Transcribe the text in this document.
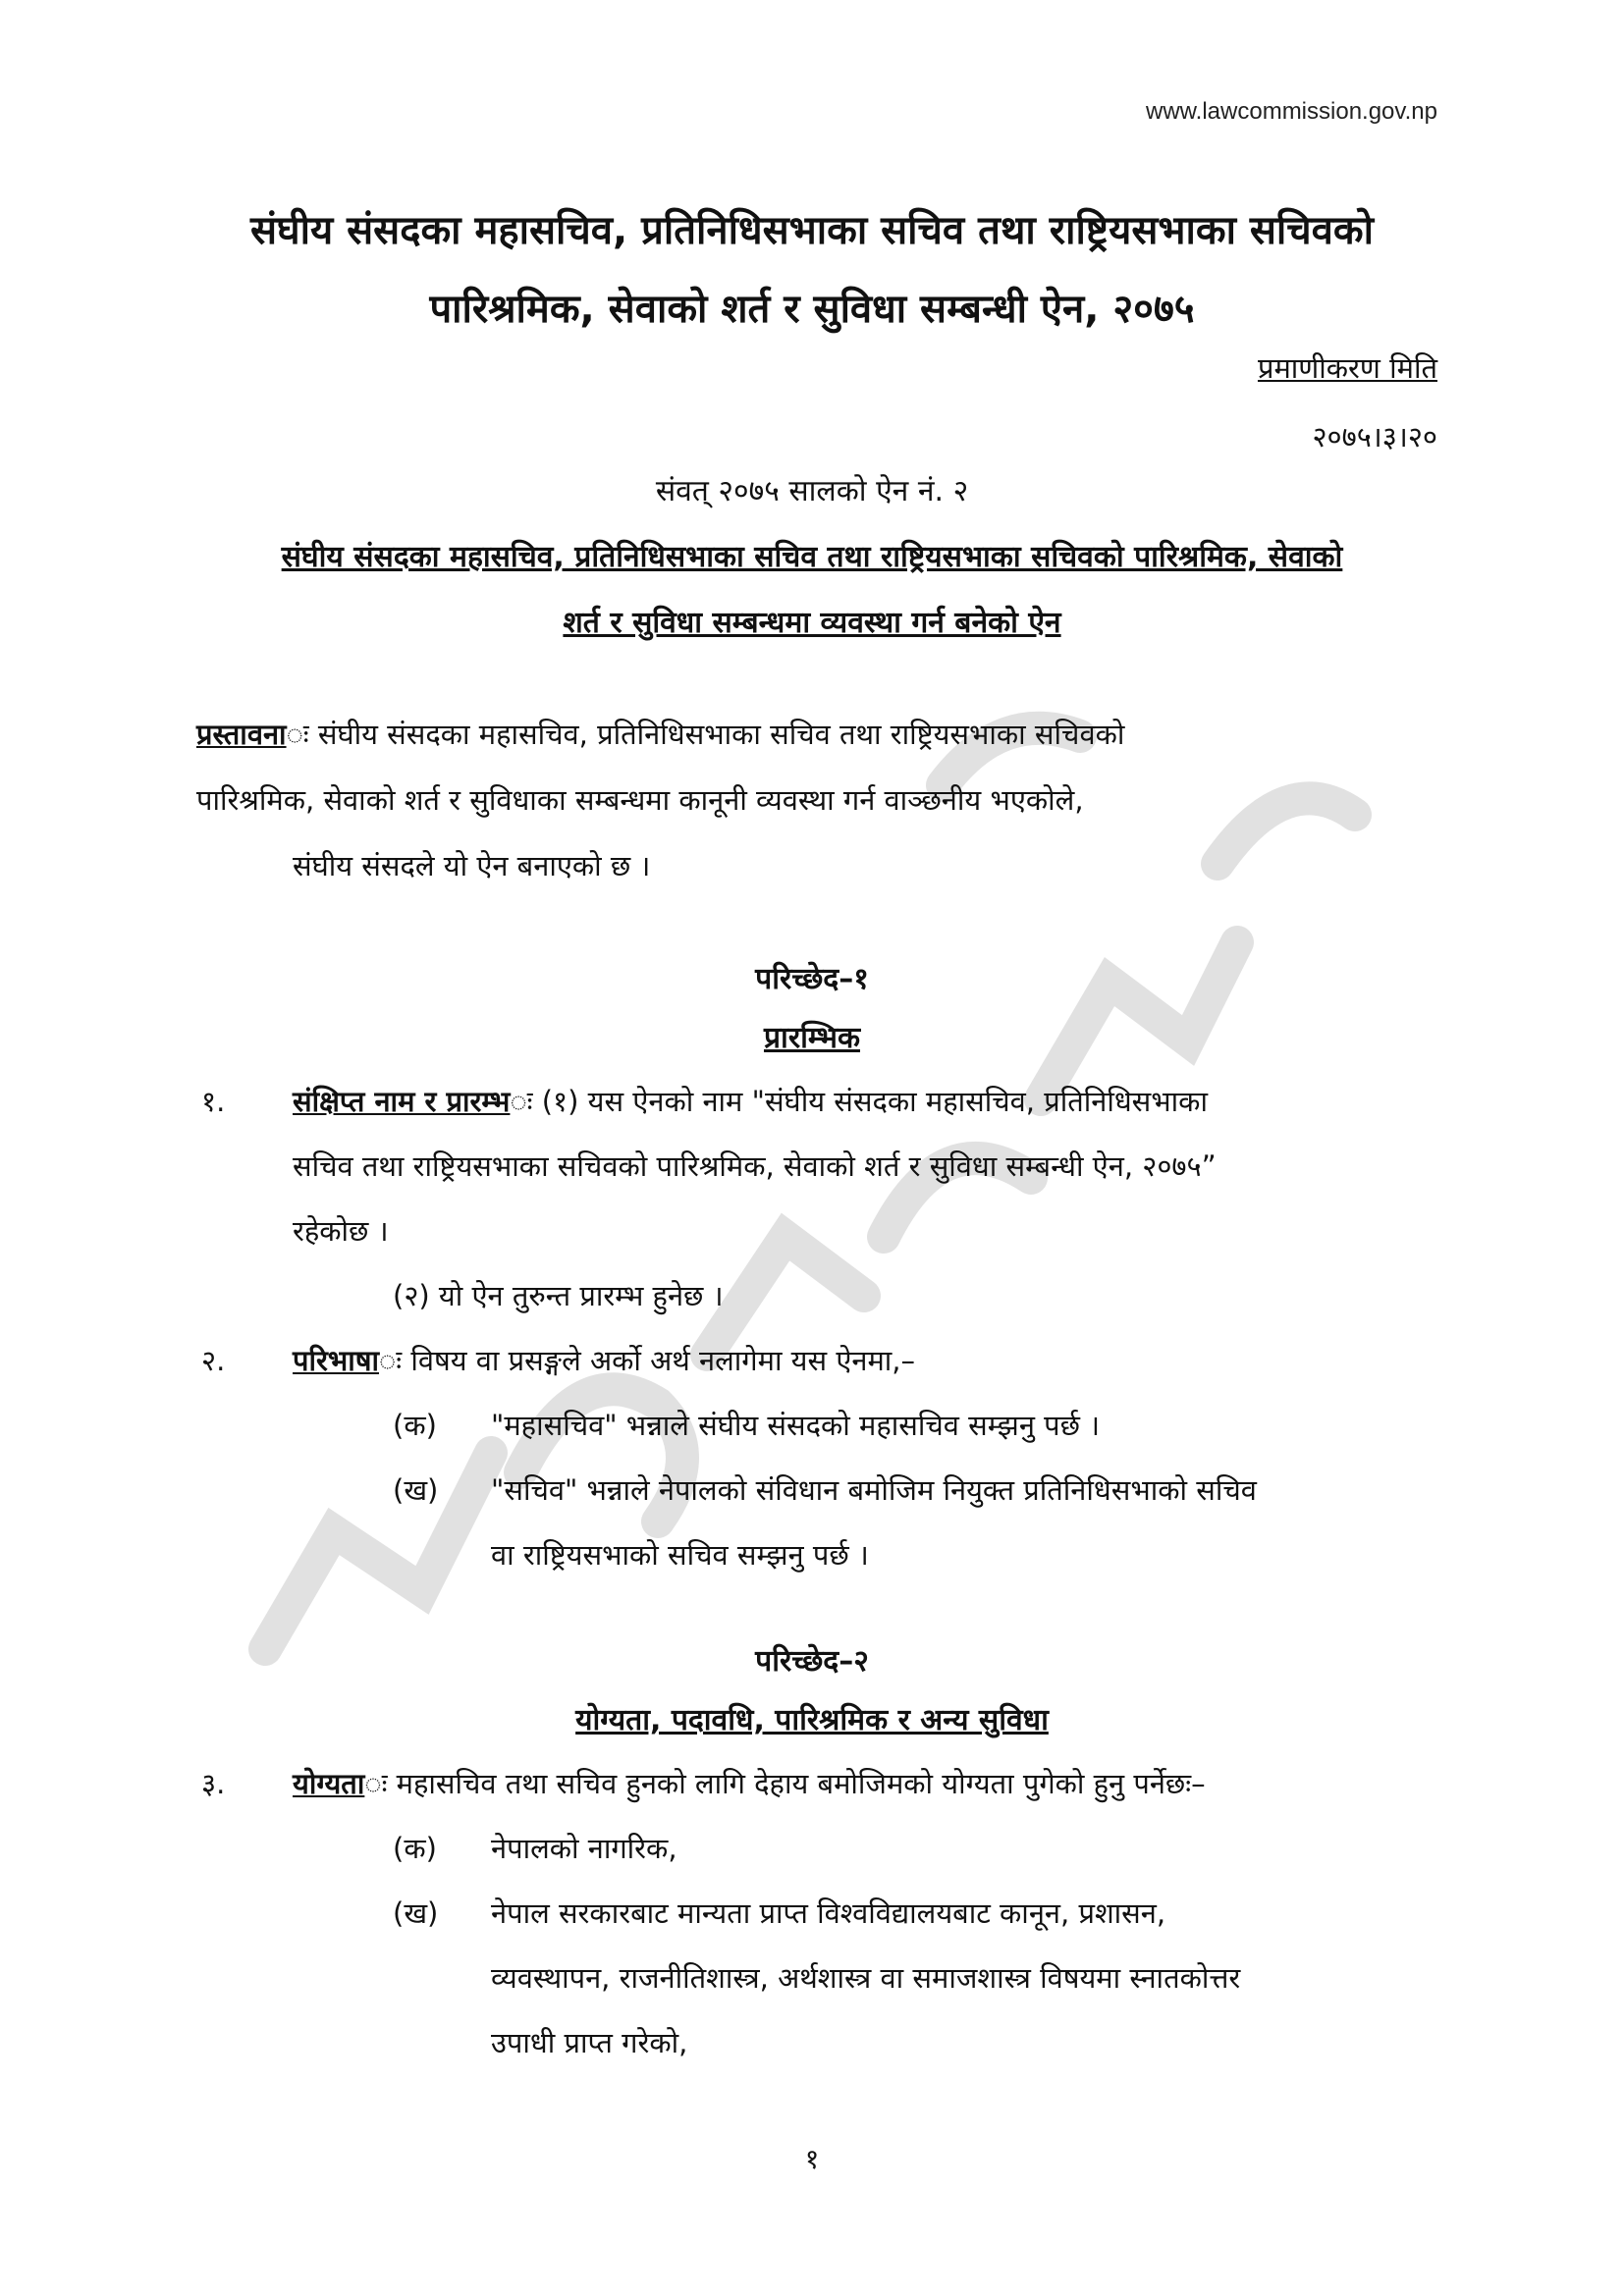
www.lawcommission.gov.np
संघीय संसदका महासचिव, प्रतिनिधिसभाका सचिव तथा राष्ट्रियसभाका सचिवको
पारिश्रमिक, सेवाको शर्त र सुविधा सम्बन्धी ऐन, २०७५
प्रमाणीकरण मिति
२०७५।३।२०
संवत् २०७५ सालको ऐन नं. २
संघीय संसदका महासचिव, प्रतिनिधिसभाका सचिव तथा राष्ट्रियसभाका सचिवको पारिश्रमिक, सेवाको
शर्त र सुविधा सम्बन्धमा व्यवस्था गर्न बनेको ऐन
प्रस्तावनाः संघीय संसदका महासचिव, प्रतिनिधिसभाका सचिव तथा राष्ट्रियसभाका सचिवको
पारिश्रमिक, सेवाको शर्त र सुविधाका सम्बन्धमा कानूनी व्यवस्था गर्न वाञ्छनीय भएकोले,
संघीय संसदले यो ऐन बनाएको छ ।
परिच्छेद–१
प्रारम्भिक
१. संक्षिप्त नाम र प्रारम्भः (१) यस ऐनको नाम "संघीय संसदका महासचिव, प्रतिनिधिसभाका
सचिव तथा राष्ट्रियसभाका सचिवको पारिश्रमिक, सेवाको शर्त र सुविधा सम्बन्धी ऐन, २०७५”
रहेकोछ ।
(२) यो ऐन तुरुन्त प्रारम्भ हुनेछ ।
२. परिभाषाः विषय वा प्रसङ्गले अर्को अर्थ नलागेमा यस ऐनमा,–
(क) "महासचिव" भन्नाले संघीय संसदको महासचिव सम्झनु पर्छ ।
(ख) "सचिव" भन्नाले नेपालको संविधान बमोजिम नियुक्त प्रतिनिधिसभाको सचिव
वा राष्ट्रियसभाको सचिव सम्झनु पर्छ ।
परिच्छेद–२
योग्यता, पदावधि, पारिश्रमिक र अन्य सुविधा
३. योग्यताः महासचिव तथा सचिव हुनको लागि देहाय बमोजिमको योग्यता पुगेको हुनु पर्नेछः–
(क) नेपालको नागरिक,
(ख) नेपाल सरकारबाट मान्यता प्राप्त विश्वविद्यालयबाट कानून, प्रशासन,
व्यवस्थापन, राजनीतिशास्त्र, अर्थशास्त्र वा समाजशास्त्र विषयमा स्नातकोत्तर
उपाधी प्राप्त गरेको,
१
